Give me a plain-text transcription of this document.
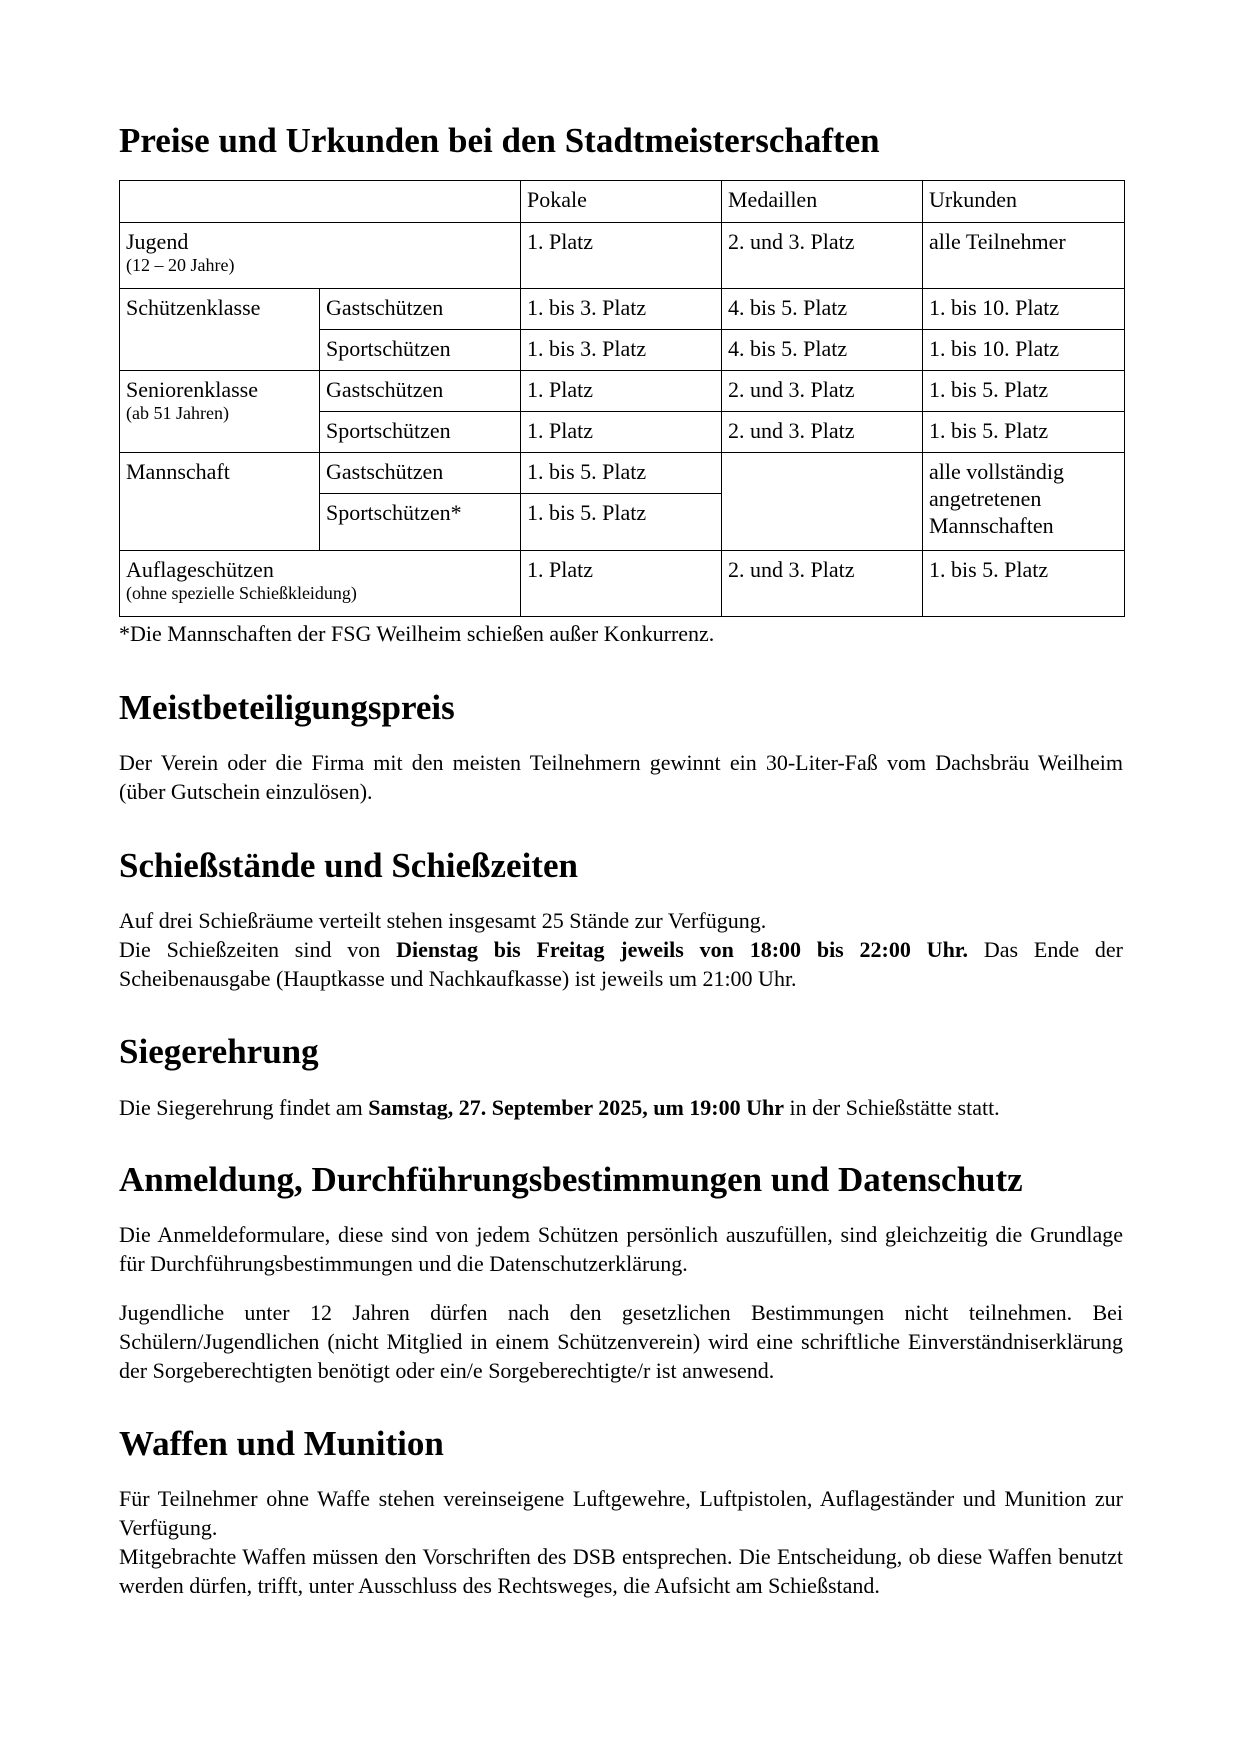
Preise und Urkunden bei den Stadtmeisterschaften
		Pokale	Medaillen	Urkunden
Jugend
(12 – 20 Jahre)		1. Platz	2. und 3. Platz	alle Teilnehmer
Schützenklasse	Gastschützen	1. bis 3. Platz	4. bis 5. Platz	1. bis 10. Platz
	Sportschützen	1. bis 3. Platz	4. bis 5. Platz	1. bis 10. Platz
Seniorenklasse
(ab 51 Jahren)	Gastschützen	1. Platz	2. und 3. Platz	1. bis 5. Platz
	Sportschützen	1. Platz	2. und 3. Platz	1. bis 5. Platz
Mannschaft	Gastschützen	1. bis 5. Platz		alle vollständig angetretenen Mannschaften
	Sportschützen*	1. bis 5. Platz		
Auflageschützen
(ohne spezielle Schießkleidung)		1. Platz	2. und 3. Platz	1. bis 5. Platz
*Die Mannschaften der FSG Weilheim schießen außer Konkurrenz.
Meistbeteiligungspreis

Der Verein oder die Firma mit den meisten Teilnehmern gewinnt ein 30-Liter-Faß vom Dachsbräu Weilheim (über Gutschein einzulösen).

Schießstände und Schießzeiten
Auf drei Schießräume verteilt stehen insgesamt 25 Stände zur Verfügung.
Die Schießzeiten sind von Dienstag bis Freitag jeweils von 18:00 bis 22:00 Uhr. Das Ende der Scheibenausgabe (Hauptkasse und Nachkaufkasse) ist jeweils um 21:00 Uhr.
Siegerehrung
Die Siegerehrung findet am Samstag, 27. September 2025, um 19:00 Uhr in der Schießstätte statt.
Anmeldung, Durchführungsbestimmungen und Datenschutz

Die Anmeldeformulare, diese sind von jedem Schützen persönlich auszufüllen, sind gleichzeitig die Grundlage für Durchführungsbestimmungen und die Datenschutzerklärung.

Jugendliche unter 12 Jahren dürfen nach den gesetzlichen Bestimmungen nicht teilnehmen. Bei Schülern/Jugendlichen (nicht Mitglied in einem Schützenverein) wird eine schriftliche Einverständniserklärung der Sorgeberechtigten benötigt oder ein/e Sorgeberechtigte/r ist anwesend.

Waffen und Munition

Für Teilnehmer ohne Waffe stehen vereinseigene Luftgewehre, Luftpistolen, Auflageständer und Munition zur Verfügung.

Mitgebrachte Waffen müssen den Vorschriften des DSB entsprechen. Die Entscheidung, ob diese Waffen benutzt werden dürfen, trifft, unter Ausschluss des Rechtsweges, die Aufsicht am Schießstand.
